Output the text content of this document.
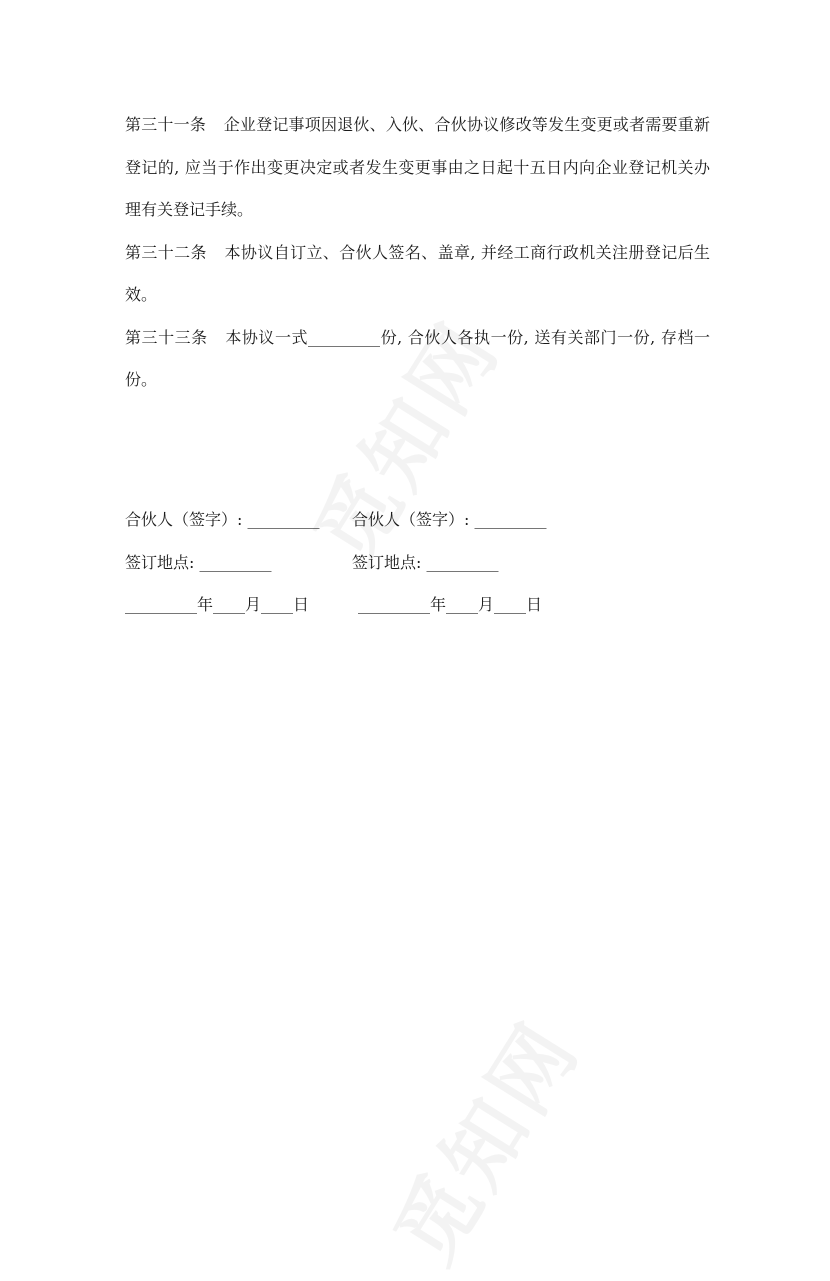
第三十一条 企业登记事项因退伙、入伙、合伙协议修改等发生变更或者需要重新登记的, 应当于作出变更决定或者发生变更事由之日起十五日内向企业登记机关办理有关登记手续。
第三十二条 本协议自订立、合伙人签名、盖章, 并经工商行政机关注册登记后生效。
第三十三条 本协议一式_________份, 合伙人各执一份, 送有关部门一份, 存档一份。
合伙人（签字）: _________ 合伙人（签字）: _________
签订地点: _________	签订地点: _________
_________年____月____日	_________年____月____日
